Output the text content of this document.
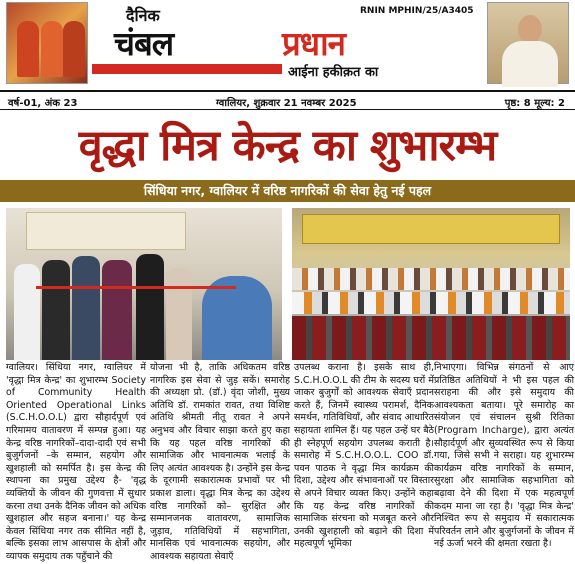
दैनिक	RNIN MPHIN/25/A3405
चंबल	प्रधान
आईना हकीक़त का
वर्ष-01, अंक 23	ग्वालियर, शुक्रवार 21 नवम्बर 2025	पृष्ठ: 8 मूल्य: 2
वृद्धा मित्र केन्द्र का शुभारम्भ
सिंधिया नगर, ग्वालियर में वरिष्ठ नागरिकों की सेवा हेतु नई पहल
ग्वालियर। सिंधिया नगर, ग्वालियर में 'वृद्धा मित्र केन्द्र' का शुभारम्भ Society of Community Health Oriented Operational Links (S.C.H.O.O.L) द्वारा सौहार्दपूर्ण एवं गरिमामय वातावरण में सम्पन्न हुआ। यह केन्द्र वरिष्ठ नागरिकों–दादा-दादी एवं सभी बुजुर्गजनों –के सम्मान, सहयोग और खुशहाली को समर्पित है। इस केन्द्र की स्थापना का प्रमुख उद्देश्य है- 'वृद्ध व्यक्तियों के जीवन की गुणवत्ता में सुधार करना तथा उनके दैनिक जीवन को अधिक खुशहाल और सहज बनाना।' यह केन्द्र केवल सिंधिया नगर तक सीमित नहीं है, बल्कि इसका लाभ आसपास के क्षेत्रों और व्यापक समुदाय तक पहुँचाने की
योजना भी है, ताकि अधिकतम वरिष्ठ नागरिक इस सेवा से जुड़ सकें। समारोह की अध्यक्षा प्रो. (डॉ.) वृंदा जोशी, मुख्य अतिथि डॉ. रामकांत रावत, तथा विशिष्ट अतिथि श्रीमती नीतू रावत ने अपने अनुभव और विचार साझा करते हुए कहा कि यह पहल वरिष्ठ नागरिकों की सामाजिक और भावनात्मक भलाई के लिए अत्यंत आवश्यक है। उन्होंने इस केन्द्र के दूरगामी सकारात्मक प्रभावों पर भी प्रकाश डाला। वृद्धा मित्र केन्द्र का उद्देश्य वरिष्ठ नागरिकों को– सुरक्षित और सम्मानजनक वातावरण, सामाजिक जुड़ाव, गतिविधियों में सहभागिता, मानसिक एवं भावनात्मक सहयोग, और आवश्यक सहायता सेवाएँ
उपलब्ध कराना है। इसके साथ ही, S.C.H.O.O.L की टीम के सदस्य घरों में जाकर बुजुर्गों को आवश्यक सेवाएँ प्रदान करते हैं, जिनमें स्वास्थ्य परामर्श, दैनिक समर्थन, गतिविधियाँ, और संवाद आधारित सहायता शामिल हैं। यह पहल उन्हें घर बैठे ही स्नेहपूर्ण सहयोग उपलब्ध कराती है। समारोह में S.C.H.O.O.L. COO डॉ. पवन पाठक ने वृद्धा मित्र कार्यक्रम की दिशा, उद्देश्य और संभावनाओं पर विस्तार से अपने विचार व्यक्त किए। उन्होंने कहा कि यह केन्द्र वरिष्ठ नागरिकों की सामाजिक संरचना को मजबूत करने और उनकी खुशहाली को बढ़ाने की दिशा में महत्वपूर्ण भूमिका
निभाएगा। विभिन्न संगठनों से आए प्रतिष्ठित अतिथियों ने भी इस पहल की सराहना की और इसे समुदाय की आवश्यकता बताया। पूरे समारोह का संयोजन एवं संचालन सुश्री रितिका (Program Incharge), द्वारा अत्यंत सौहार्दपूर्ण और सुव्यवस्थित रूप से किया गया, जिसे सभी ने सराहा। यह शुभारम्भ कार्यक्रम वरिष्ठ नागरिकों के सम्मान, सुरक्षा और सामाजिक सहभागिता को बढ़ावा देने की दिशा में एक महत्वपूर्ण कदम माना जा रहा है। 'वृद्धा मित्र केन्द्र' निश्चित रूप से समुदाय में सकारात्मक परिवर्तन लाने और बुजुर्गजनों के जीवन में नई ऊर्जा भरने की क्षमता रखता है।
